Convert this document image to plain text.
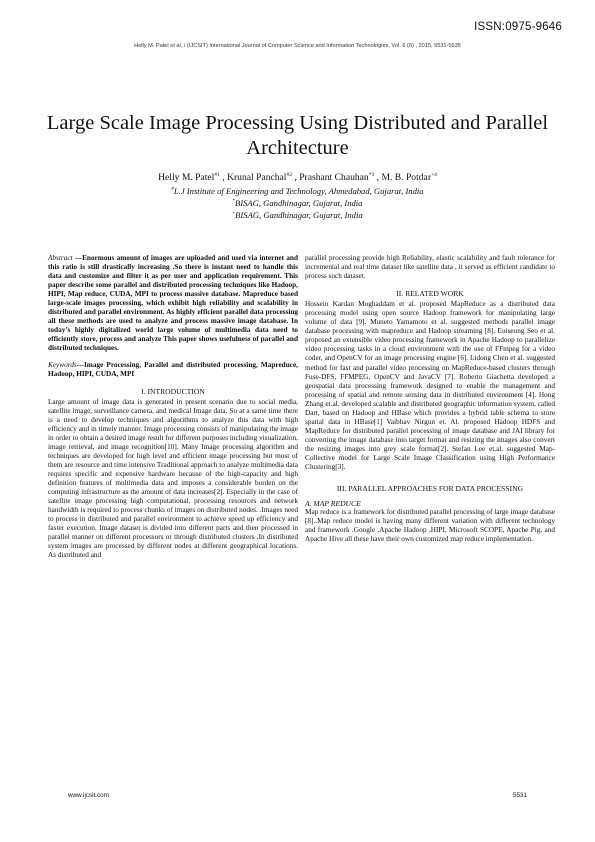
ISSN:0975-9646
Helly M. Patel et al, / (IJCSIT) International Journal of Computer Science and Information Technologies, Vol. 6 (6) , 2015, 5531-5535
Large Scale Image Processing Using Distributed and Parallel Architecture
Helly M. Patel$^{\#1}$ , Krunal Panchal$^{\#2}$ , Prashant Chauhan$^{*3}$ , M. B. Potdar$^{+4}$
#L.J Institute of Engineering and Technology, Ahmedabad, Gujarat, India
*BISAG, Gandhinagar, Gujarat, India
+BISAG, Gandhinagar, Gujarat, India

Abstract ---Enormous amount of images are uploaded and used via internet and this ratio is still drastically increasing .So there is instant need to handle this data and customize and filter it as per user and application requirement. This paper describe some parallel and distributed processing techniques like Hadoop, HIPI, Map reduce, CUDA, MPI to process massive database. Mapreduce based large-scale images processing, which exhibit high reliability and scalability in distributed and parallel environment. As highly efficient parallel data processing all these methods are used to analyze and process massive image database. In today’s highly digitalized world large volume of multimedia data need to efficiently store, process and analyze This paper shows usefulness of parallel and distributed techniques.

Keywords---Image Processing, Parallel and distributed processing, Mapreduce, Hadoop, HIPI, CUDA, MPI

I. INTRODUCTION

Large amount of image data is generated in present scenario due to social media, satellite image, surveillance camera, and medical Image data. So at a same time there is a need to develop techniques and algorithms to analyze this data with high efficiency and in timely manner. Image processing consists of manipulating the image in order to obtain a desired image result for different purposes including visualization, image retrieval, and image recognition[10]. Many Image processing algorithm and techniques are developed for high level and efficient image processing but most of them are resource and time intensive Traditional approach to analyze multimedia data requires specific and expensive hardware because of the high-capacity and high definition features of multimedia data and imposes a considerable burden on the computing infrastructure as the amount of data increases[2]. Especially in the case of satellite image processing high computational, processing resources and network handwidth is required to process chunks of images on distributed nodes. .Images need to process in distributed and parallel environment to achieve speed up efficiency and faster execution. Image dataset is divided into different parts and then processed in parallel manner on different processors or through distributed clusters .In distributed system images are processed by different nodes at different geographical locations. As distributed and

parallel processing provide high Reliability, elastic scalability and fault tolerance for incremental and real time dataset like satellite data , it served as efficient candidate to process such dataset.

II. RELATED WORK

Hossein Kardan Moghaddam et al. proposed MapReduce as a distributed data processing model using open source Hadoop framework for manipulating large volume of data [9]. Muneto Yamamoto et al. suggested methods parallel image database processing with mapreduce and Hadoop streaming [8]. Euiseong Seo et al. proposed an extensible video processing framework in Apache Hadoop to parallelize video processing tasks in a cloud environment with the use of FFmpeg for a video coder, and OpenCV for an image processing engine [6]. Lidong Chen et al. suggested method for fast and parallel video processing on MapReduce-based clusters through Fuse-DFS, FFMPEG, OpenCV and JavaCV [7]. Roberto Giachetta developed a geospatial data processing framework designed to enable the management and processing of spatial and remote sensing data in distributed environment [4]. Hong Zhang et.al. developed scalable and distributed geographic information system, called Dart, based on Hadoop and HBase which provides a hybrid table schema to store spatial data in HBase[1] Vaibhav Nirgun et. Al. proposed Hadoop HDFS and MapReduce for distributed parallel processing of image database and JAI library for converting the image database into target format and resizing the images also convert the resizing images into grey scale format[2]. Stefan Lee et.al. suggested Map-Collective model for Large Scale Image Classification using High Performance Clustering[3].

III. PARALLEL APPROACHES FOR DATA PROCESSING

A. MAP REDUCE

Map reduce is a framework for distributed parallel processing of large image database [8]..Map reduce model is having many different variation with different technology and framework .Google ,Apache Hadoop ,HIPI, Microsoft SCOPE, Apache Pig, and Apache Hive all these have their own customized map reduce implementation.

www.ijcsit.com	5531
